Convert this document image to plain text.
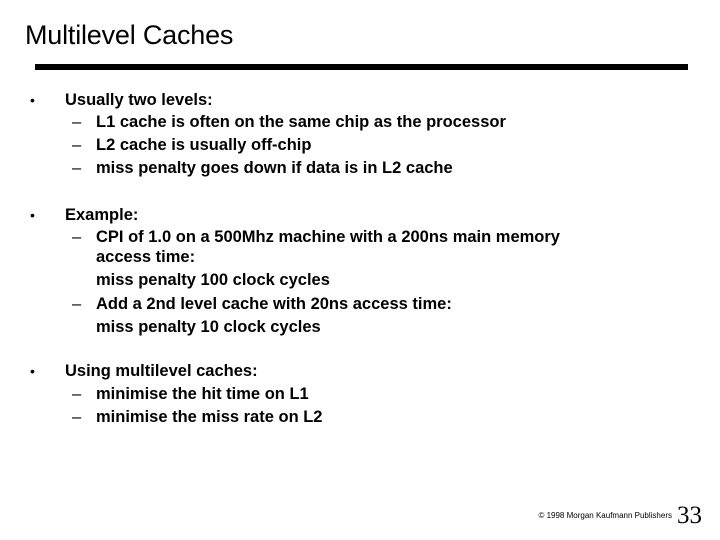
Multilevel Caches
• Usually two levels:
– L1 cache is often on the same chip as the processor
– L2 cache is usually off-chip
– miss penalty goes down if data is in L2 cache
• Example:
– CPI of 1.0 on a 500Mhz machine with a 200ns main memory
access time:
miss penalty 100 clock cycles
– Add a 2nd level cache with 20ns access time:
miss penalty 10 clock cycles
• Using multilevel caches:
– minimise the hit time on L1
– minimise the miss rate on L2
© 1998 Morgan Kaufmann Publishers 33
